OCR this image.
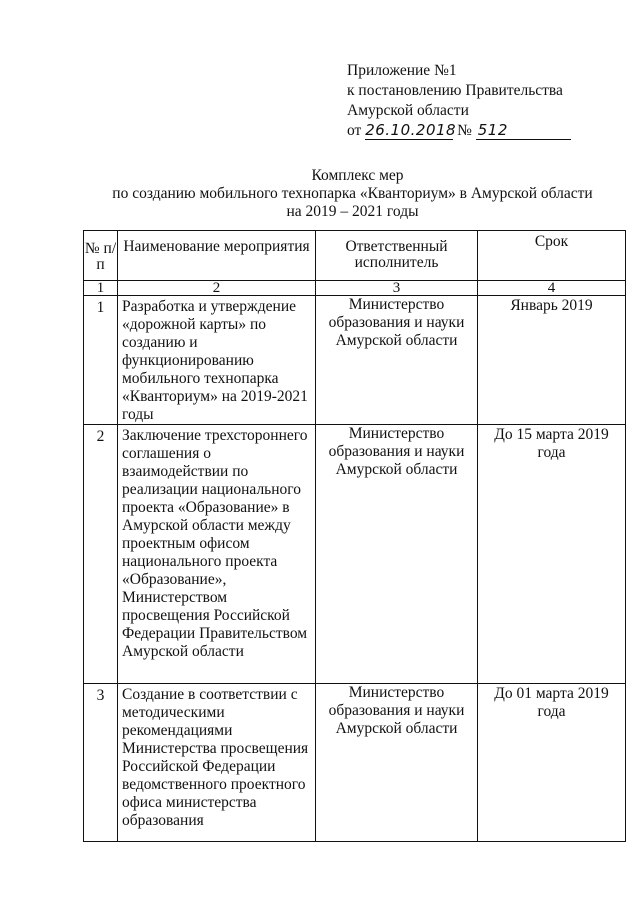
Приложение №1
к постановлению Правительства
Амурской области
от 26.10.2018 № 512
Комплекс мер
по созданию мобильного технопарка «Кванториум» в Амурской области
на 2019 – 2021 годы
№ п/п	Наименование мероприятия	Ответственный исполнитель	Срок
1	2	3	4
1	Разработка и утверждение «дорожной карты» по созданию и функционированию мобильного технопарка «Кванториум» на 2019-2021 годы	Министерство образования и науки Амурской области	Январь 2019
2	Заключение трехстороннего соглашения о взаимодействии по реализации национального проекта «Образование» в Амурской области между проектным офисом национального проекта «Образование», Министерством просвещения Российской Федерации Правительством Амурской области	Министерство образования и науки Амурской области	До 15 марта 2019 года
3	Создание в соответствии с методическими рекомендациями Министерства просвещения Российской Федерации ведомственного проектного офиса министерства образования	Министерство образования и науки Амурской области	До 01 марта 2019 года
